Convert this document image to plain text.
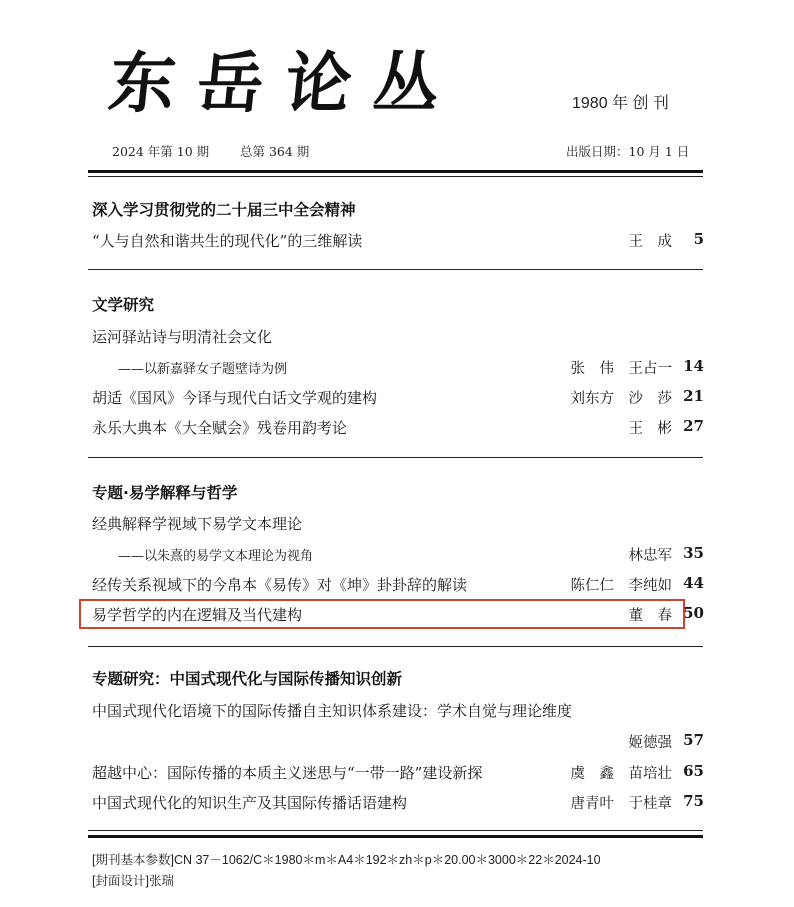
东岳论丛	1980 年 创 刊
2024 年第 10 期 总第 364 期	出版日期：10 月 1 日
深入学习贯彻党的二十届三中全会精神
“人与自然和谐共生的现代化”的三维解读	王　成 5
文学研究
运河驿站诗与明清社会文化
——以新嘉驿女子题壁诗为例	张　伟　王占一 14
胡适《国风》今译与现代白话文学观的建构	刘东方　沙　莎 21
永乐大典本《大全赋会》残卷用韵考论	王　彬 27
专题·易学解释与哲学
经典解释学视域下易学文本理论
——以朱熹的易学文本理论为视角	林忠军 35
经传关系视域下的今帛本《易传》对《坤》卦卦辞的解读	陈仁仁　李纯如 44
易学哲学的内在逻辑及当代建构	董　春 50
专题研究：中国式现代化与国际传播知识创新
中国式现代化语境下的国际传播自主知识体系建设：学术自觉与理论维度
姬德强 57
超越中心：国际传播的本质主义迷思与“一带一路”建设新探	虞　鑫　苗培壮 65
中国式现代化的知识生产及其国际传播话语建构	唐青叶　于桂章 75
[期刊基本参数]CN 37－1062/C＊1980＊m＊A4＊192＊zh＊p＊20.00＊3000＊22＊2024-10
[封面设计]张瑞
